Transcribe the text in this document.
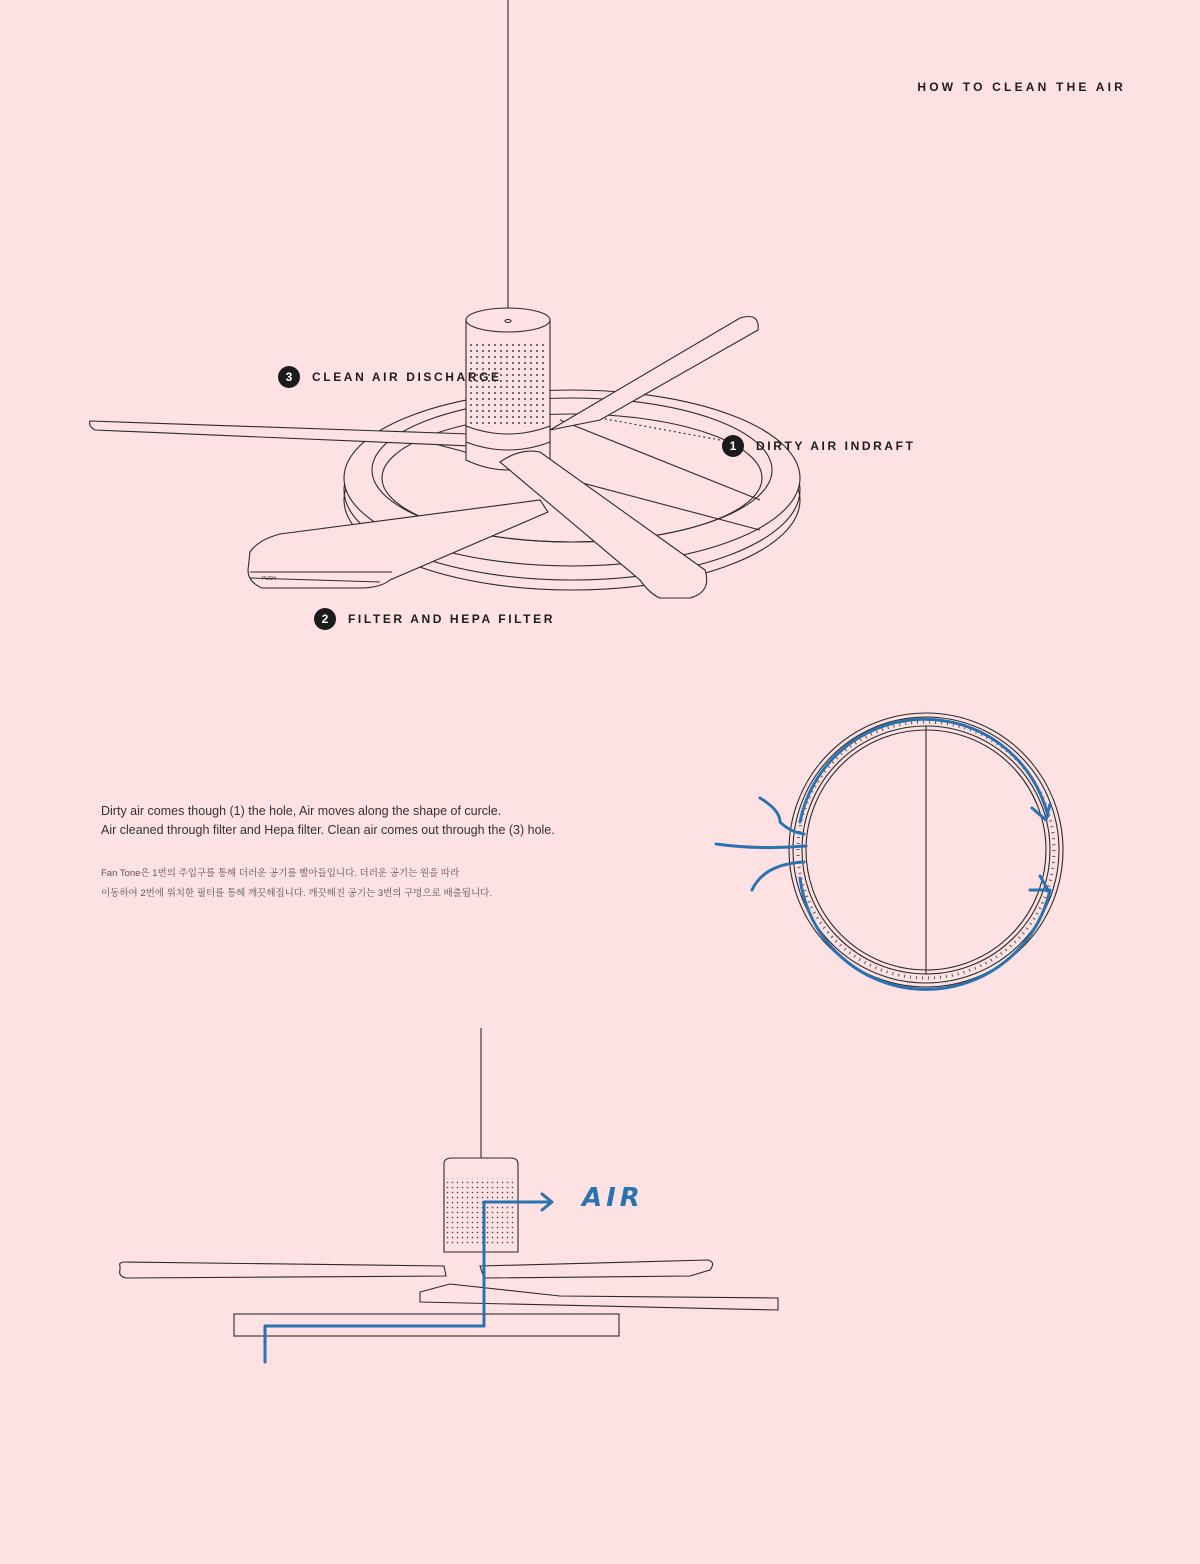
HOW TO CLEAN THE AIR
PUSH
3	CLEAN AIR DISCHARGE
1	DIRTY AIR INDRAFT
2	FILTER AND HEPA FILTER
Dirty air comes though (1) the hole, Air moves along the shape of curcle.
Air cleaned through filter and Hepa filter. Clean air comes out through the (3) hole.
Fan Tone은 1번의 주입구를 통해 더러운 공기를 빨아들입니다. 더러운 공기는 원을 따라
이동하여 2번에 위치한 필터를 통해 깨끗해집니다. 깨끗해진 공기는 3번의 구멍으로 배출됩니다.
AIR
